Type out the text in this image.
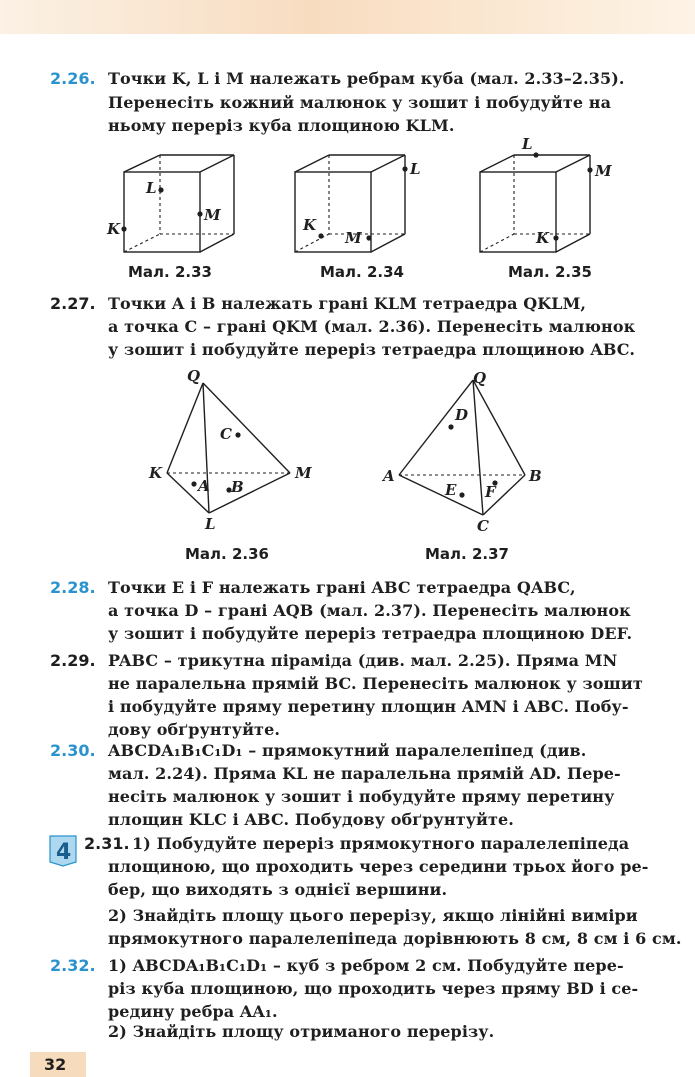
2.26. Точки K, L і M належать ребрам куба (мал. 2.33–2.35).
Перенесіть кожний малюнок у зошит і побудуйте на
ньому переріз куба площиною KLM.
L
K
M
Мал. 2.33
L
K
M
Мал. 2.34
L
M
K
Мал. 2.35
2.27. Точки A і B належать грані KLM тетраедра QKLM,
а точка C – грані QKM (мал. 2.36). Перенесіть малюнок
у зошит і побудуйте переріз тетраедра площиною ABC.
Q
C
K	M
A B
L
Мал. 2.36
Q
D
A	B
E F
C
Мал. 2.37
2.28. Точки E і F належать грані ABC тетраедра QABC,
а точка D – грані AQB (мал. 2.37). Перенесіть малюнок
у зошит і побудуйте переріз тетраедра площиною DEF.
2.29. PABC – трикутна піраміда (див. мал. 2.25). Пряма MN
не паралельна прямій BC. Перенесіть малюнок у зошит
і побудуйте пряму перетину площин AMN і ABC. Побу-
дову обґрунтуйте.
2.30. ABCDA₁B₁C₁D₁ – прямокутний паралелепіпед (див.
мал. 2.24). Пряма KL не паралельна прямій AD. Пере-
несіть малюнок у зошит і побудуйте пряму перетину
площин KLC і ABC. Побудову обґрунтуйте.
4 2.31. 1) Побудуйте переріз прямокутного паралелепіпеда
площиною, що проходить через середини трьох його ре-
бер, що виходять з однієї вершини.
2) Знайдіть площу цього перерізу, якщо лінійні виміри
прямокутного паралелепіпеда дорівнюють 8 см, 8 см і 6 см.
2.32. 1) ABCDA₁B₁C₁D₁ – куб з ребром 2 см. Побудуйте пере-
різ куба площиною, що проходить через пряму BD і се-
редину ребра AA₁.
2) Знайдіть площу отриманого перерізу.
32
